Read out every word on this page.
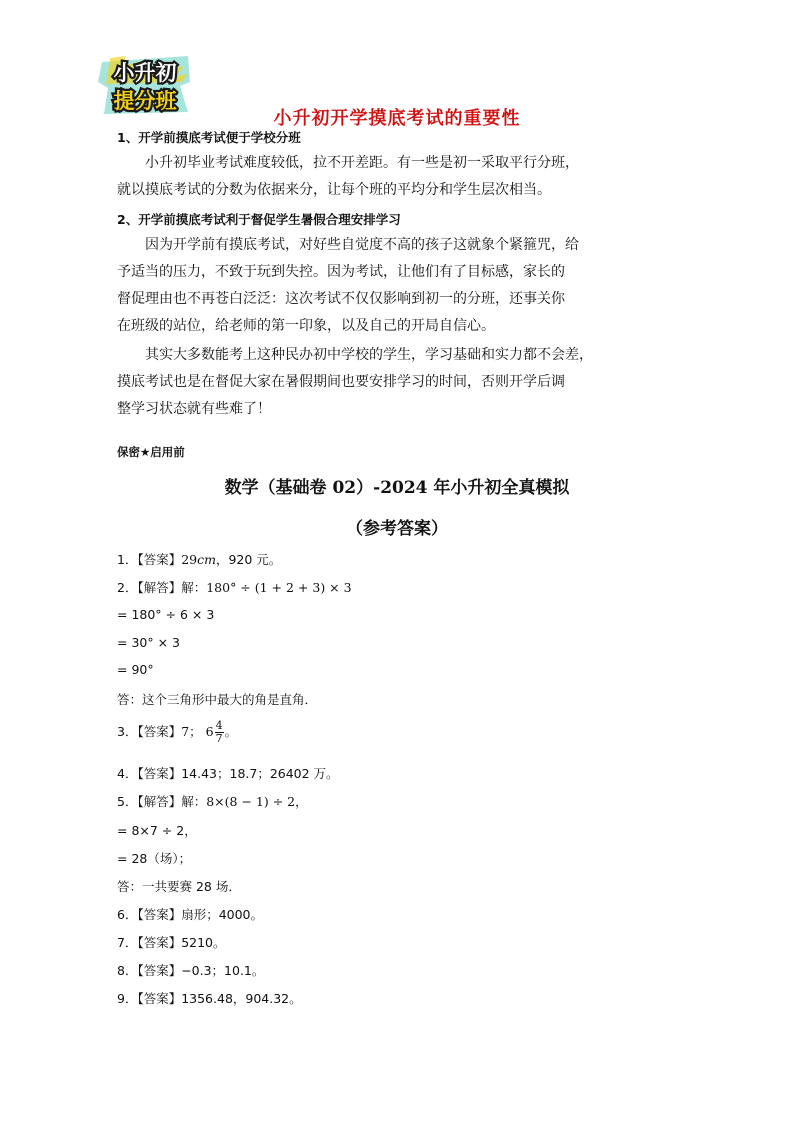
小升初
提分班
小升初开学摸底考试的重要性
1、开学前摸底考试便于学校分班

小升初毕业考试难度较低，拉不开差距。有一些是初一采取平行分班，
就以摸底考试的分数为依据来分，让每个班的平均分和学生层次相当。

2、开学前摸底考试利于督促学生暑假合理安排学习

因为开学前有摸底考试，对好些自觉度不高的孩子这就象个紧箍咒，给
予适当的压力，不致于玩到失控。因为考试，让他们有了目标感，家长的
督促理由也不再苍白泛泛：这次考试不仅仅影响到初一的分班，还事关你
在班级的站位，给老师的第一印象，以及自己的开局自信心。

其实大多数能考上这种民办初中学校的学生，学习基础和实力都不会差，
摸底考试也是在督促大家在暑假期间也要安排学习的时间，否则开学后调
整学习状态就有些难了！

保密★启用前
数学（基础卷 02）-2024 年小升初全真模拟
（参考答案）
1．【答案】29cm，920 元。
2．【解答】解：180° ÷ (1 + 2 + 3) × 3
= 180° ÷ 6 × 3
= 30° × 3
= 90°
答：这个三角形中最大的角是直角．
3．【答案】7； $6 \frac{4}{7}$ 。
4．【答案】14.43；18.7；26402 万。
5．【解答】解：8×(8 − 1) ÷ 2，
= 8×7 ÷ 2，
= 28（场）；
答：一共要赛 28 场．
6．【答案】扇形；4000。
7．【答案】5210。
8．【答案】−0.3；10.1。
9．【答案】1356.48，904.32。
